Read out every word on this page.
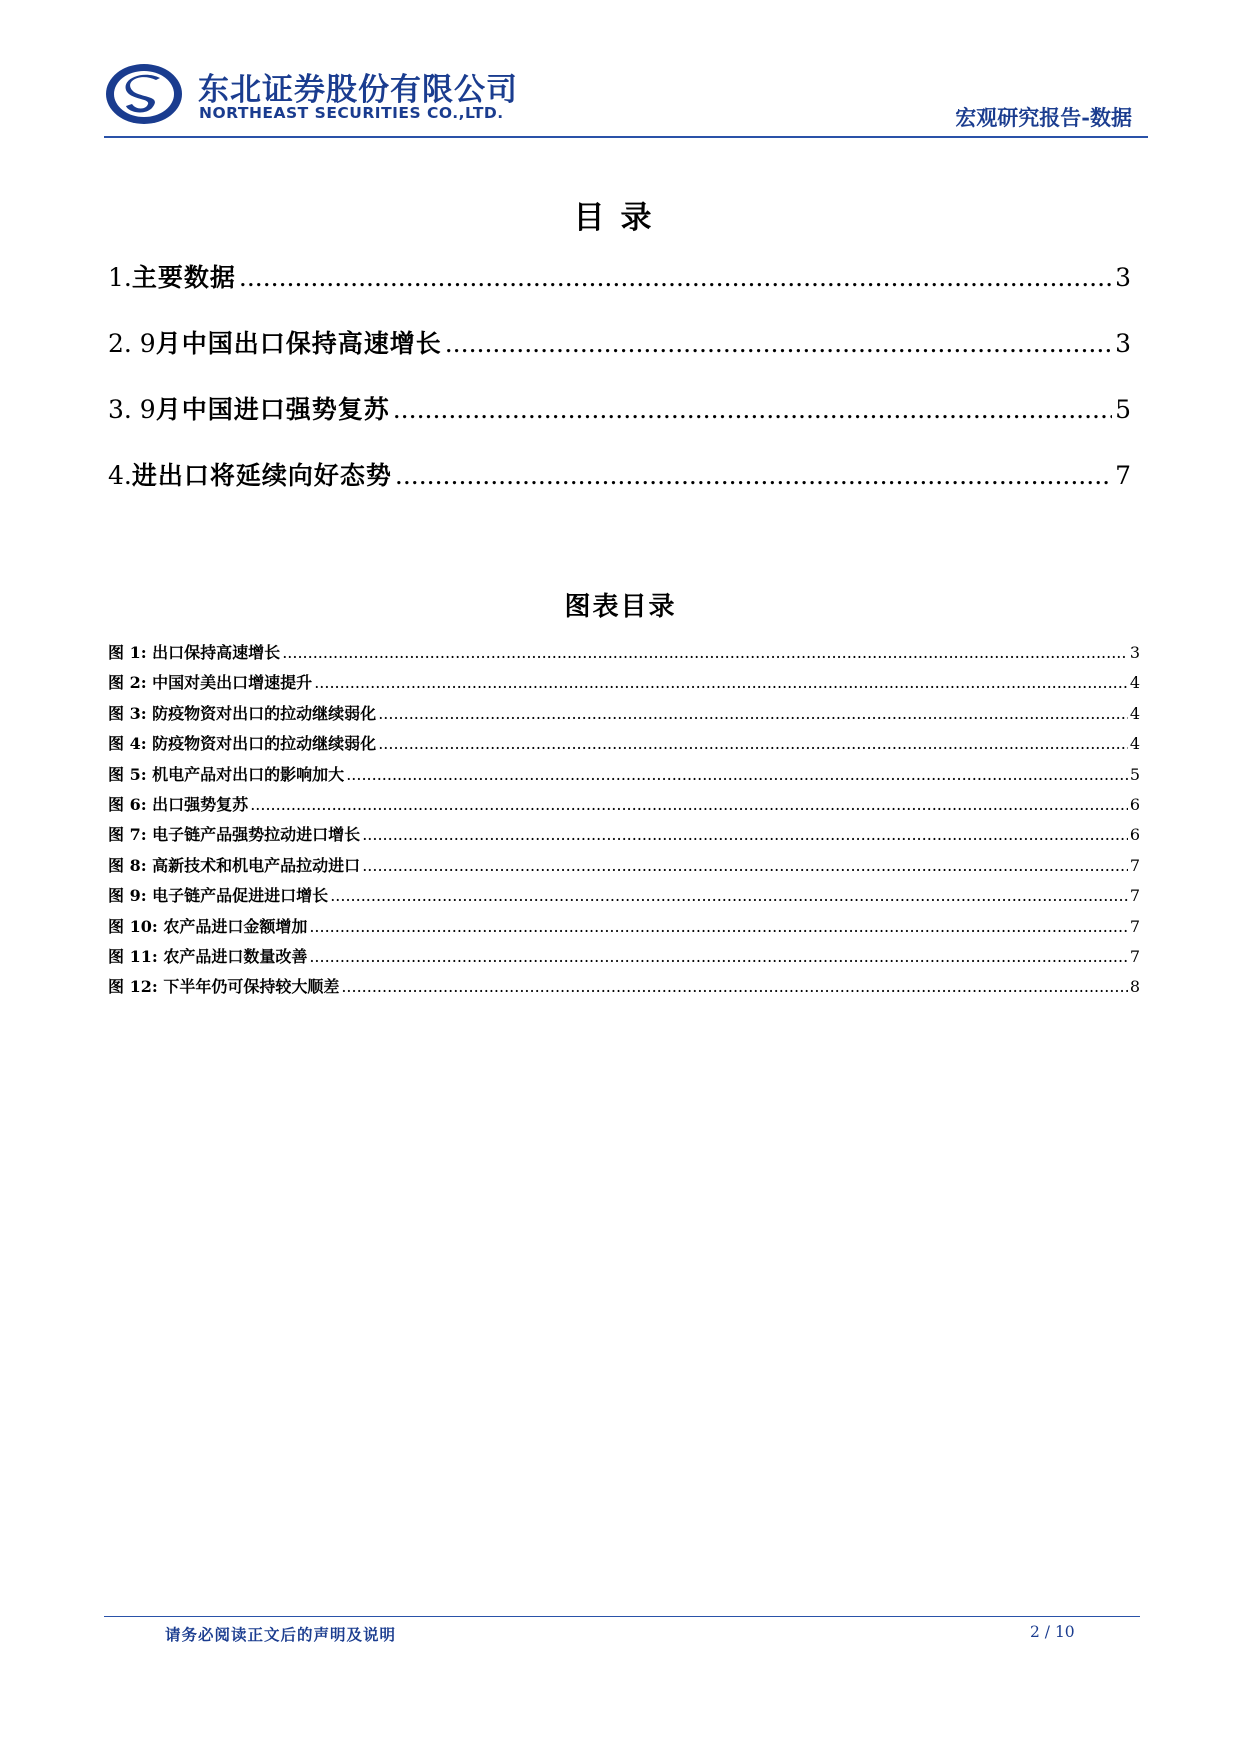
东北证券股份有限公司
NORTHEAST SECURITIES CO.,LTD.	宏观研究报告-数据
目录
1. 主要数据 .....	3
2. 9 月中国出口保持高速增长 .....	3
3. 9 月中国进口强势复苏 .....	5
4. 进出口将延续向好态势 .....	7
图表目录
图 1: 出口保持高速增长 .....	3
图 2: 中国对美出口增速提升 .....	4
图 3: 防疫物资对出口的拉动继续弱化 .....	4
图 4: 防疫物资对出口的拉动继续弱化 .....	4
图 5: 机电产品对出口的影响加大 .....	5
图 6: 出口强势复苏 .....	6
图 7: 电子链产品强势拉动进口增长 .....	6
图 8: 高新技术和机电产品拉动进口 .....	7
图 9: 电子链产品促进进口增长 .....	7
图 10: 农产品进口金额增加 .....	7
图 11: 农产品进口数量改善 .....	7
图 12: 下半年仍可保持较大顺差 .....	8
请务必阅读正文后的声明及说明	2 / 10
